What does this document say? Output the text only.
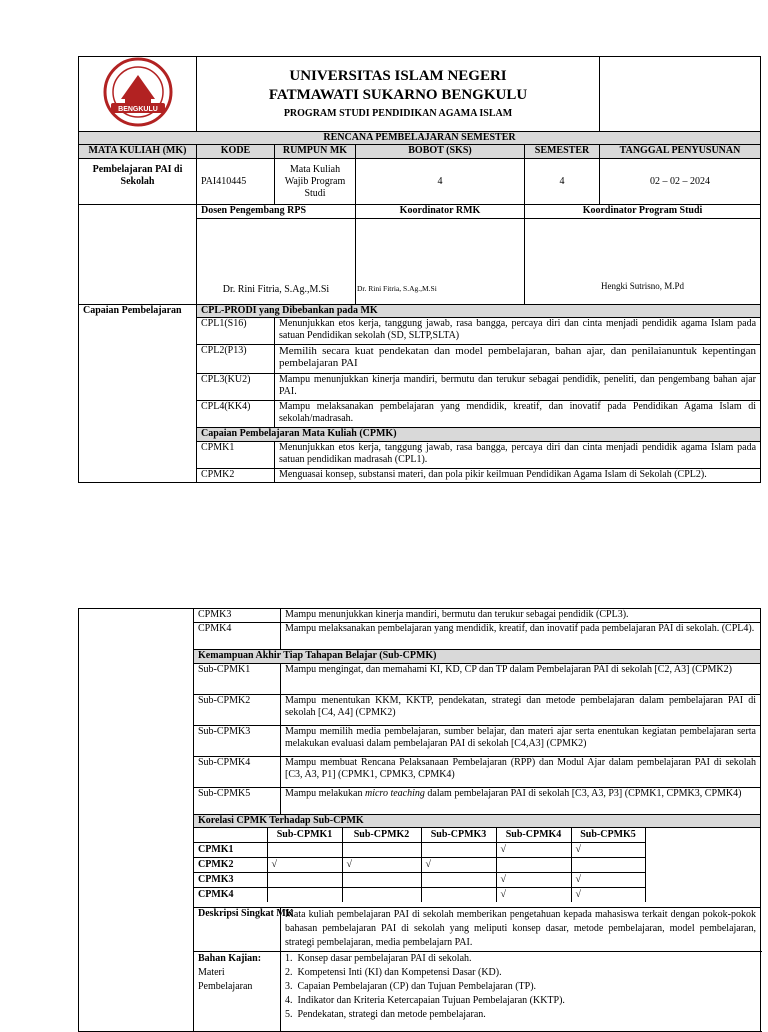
BENGKULU	UNIVERSITAS ISLAM NEGERI
FATMAWATI SUKARNO BENGKULU
PROGRAM STUDI PENDIDIKAN AGAMA ISLAM				

RENCANA PEMBELAJARAN SEMESTER					
MATA KULIAH (MK)	KODE	RUMPUN MK	BOBOT (SKS)	SEMESTER	TANGGAL PENYUSUNAN
Pembelajaran PAI di Sekolah	PAI410445	Mata Kuliah Wajib Program Studi	4	4	02 – 02 – 2024
	Dosen Pengembang RPS		Koordinator RMK	Koordinator Program Studi	
	Dr. Rini Fitria, S.Ag.,M.Si		Dr. Rini Fitria, S.Ag.,M.Si	Hengki Sutrisno, M.Pd	
Capaian Pembelajaran	CPL-PRODI yang Dibebankan pada MK				
	CPL1(S16)	Menunjukkan etos kerja, tanggung jawab, rasa bangga, percaya diri dan cinta menjadi pendidik agama Islam pada satuan Pendidikan sekolah (SD, SLTP,SLTA)			
	CPL2(P13)	Memilih secara kuat pendekatan dan model pembelajaran, bahan ajar, dan penilaianuntuk kepentingan pembelajaran PAI			
	CPL3(KU2)	Mampu menunjukkan kinerja mandiri, bermutu dan terukur sebagai pendidik, peneliti, dan pengembang bahan ajar PAI.			
	CPL4(KK4)	Mampu melaksanakan pembelajaran yang mendidik, kreatif, dan inovatif pada Pendidikan Agama Islam di sekolah/madrasah.			
	Capaian Pembelajaran Mata Kuliah (CPMK)				
	CPMK1	Menunjukkan etos kerja, tanggung jawab, rasa bangga, percaya diri dan cinta menjadi pendidik agama Islam pada satuan pendidikan madrasah (CPL1).			
	CPMK2	Menguasai konsep, substansi materi, dan pola pikir keilmuan Pendidikan Agama Islam di Sekolah (CPL2).			
	CPMK3	Mampu menunjukkan kinerja mandiri, bermutu dan terukur sebagai pendidik (CPL3).
CPMK4	Mampu melaksanakan pembelajaran yang mendidik, kreatif, dan inovatif pada pembelajaran PAI di sekolah. (CPL4).
Kemampuan Akhir Tiap Tahapan Belajar (Sub-CPMK)
Sub-CPMK1	Mampu mengingat, dan memahami KI, KD, CP dan TP dalam Pembelajaran PAI di sekolah [C2, A3] (CPMK2)
Sub-CPMK2	Mampu menentukan KKM, KKTP, pendekatan, strategi dan metode pembelajaran dalam pembelajaran PAI di sekolah [C4, A4] (CPMK2)
Sub-CPMK3	Mampu memilih media pembelajaran, sumber belajar, dan materi ajar serta enentukan kegiatan pembelajaran serta melakukan evaluasi dalam pembelajaran PAI di sekolah [C4,A3] (CPMK2)
Sub-CPMK4	Mampu membuat Rencana Pelaksanaan Pembelajaran (RPP) dan Modul Ajar dalam pembelajaran PAI di sekolah [C3, A3, P1] (CPMK1, CPMK3, CPMK4)
Sub-CPMK5	Mampu melakukan micro teaching dalam pembelajaran PAI di sekolah [C3, A3, P3] (CPMK1, CPMK3, CPMK4)
Korelasi CPMK Terhadap Sub-CPMK

	Sub-CPMK1	Sub-CPMK2	Sub-CPMK3	Sub-CPMK4	Sub-CPMK5
CPMK1				√	√
CPMK2	√	√	√		
CPMK3				√	√
CPMK4				√	√

Deskripsi Singkat MK	Mata kuliah pembelajaran PAI di sekolah memberikan pengetahuan kepada mahasiswa terkait dengan pokok-pokok bahasan pembelajaran PAI di sekolah yang meliputi konsep dasar, metode pembelajaran, model pembelajaran, strategi pembelajaran, media pembelajarn PAI.
Bahan Kajian: Materi Pembelajaran	
1.  Konsep dasar pembelajaran PAI di sekolah.
2.  Kompetensi Inti (KI) dan Kompetensi Dasar (KD).
3.  Capaian Pembelajaran (CP) dan Tujuan Pembelajaran (TP).
4.  Indikator dan Kriteria Ketercapaian Tujuan Pembelajaran (KKTP).
5.  Pendekatan, strategi dan metode pembelajaran.
